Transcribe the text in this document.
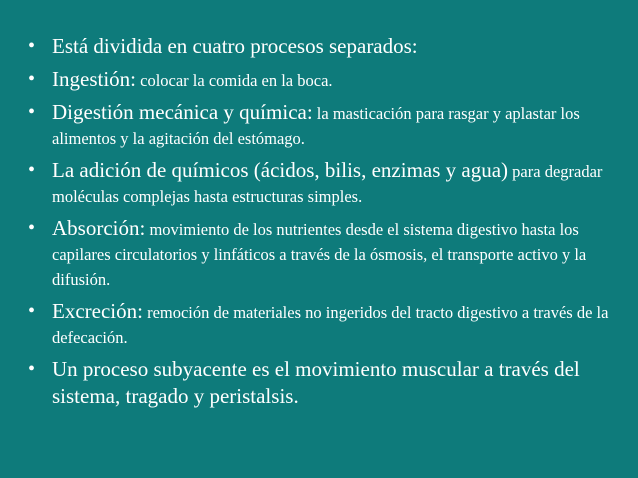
• Está dividida en cuatro procesos separados:
• Ingestión: colocar la comida en la boca.
• Digestión mecánica y química: la masticación para rasgar y aplastar los alimentos y la agitación del estómago.
• La adición de químicos (ácidos, bilis, enzimas y agua) para degradar moléculas complejas hasta estructuras simples.
• Absorción: movimiento de los nutrientes desde el sistema digestivo hasta los capilares circulatorios y linfáticos a través de la ósmosis, el transporte activo y la difusión.
• Excreción: remoción de materiales no ingeridos del tracto digestivo a través de la defecación.
• Un proceso subyacente es el movimiento muscular a través del sistema, tragado y peristalsis.
